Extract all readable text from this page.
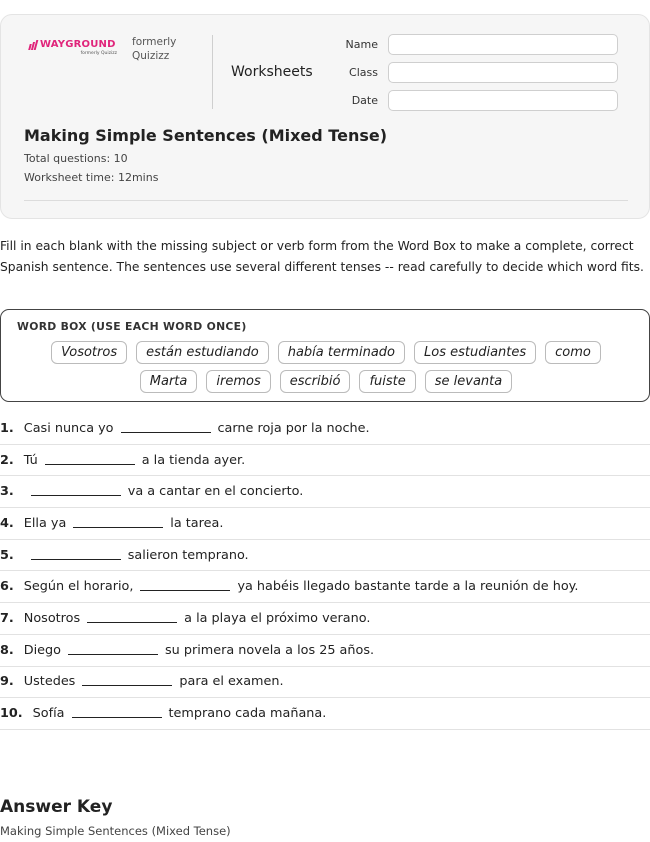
WAYGROUND
formerly Quizizz
formerly Quizizz
Worksheets
Name
Class
Date
Making Simple Sentences (Mixed Tense)
Total questions: 10
Worksheet time: 12mins
Fill in each blank with the missing subject or verb form from the Word Box to make a complete, correct Spanish sentence. The sentences use several different tenses -- read carefully to decide which word fits.
WORD BOX (USE EACH WORD ONCE)
Vosotros	están estudiando	había terminado	Los estudiantes	como
Marta	iremos	escribió	fuiste	se levanta
1. Casi nunca yo	carne roja por la noche.
2. Tú	a la tienda ayer.
3.	va a cantar en el concierto.
4. Ella ya	la tarea.
5.	salieron temprano.
6. Según el horario,	ya habéis llegado bastante tarde a la reunión de hoy.
7. Nosotros	a la playa el próximo verano.
8. Diego	su primera novela a los 25 años.
9. Ustedes	para el examen.
10. Sofía	temprano cada mañana.
Answer Key
Making Simple Sentences (Mixed Tense)
